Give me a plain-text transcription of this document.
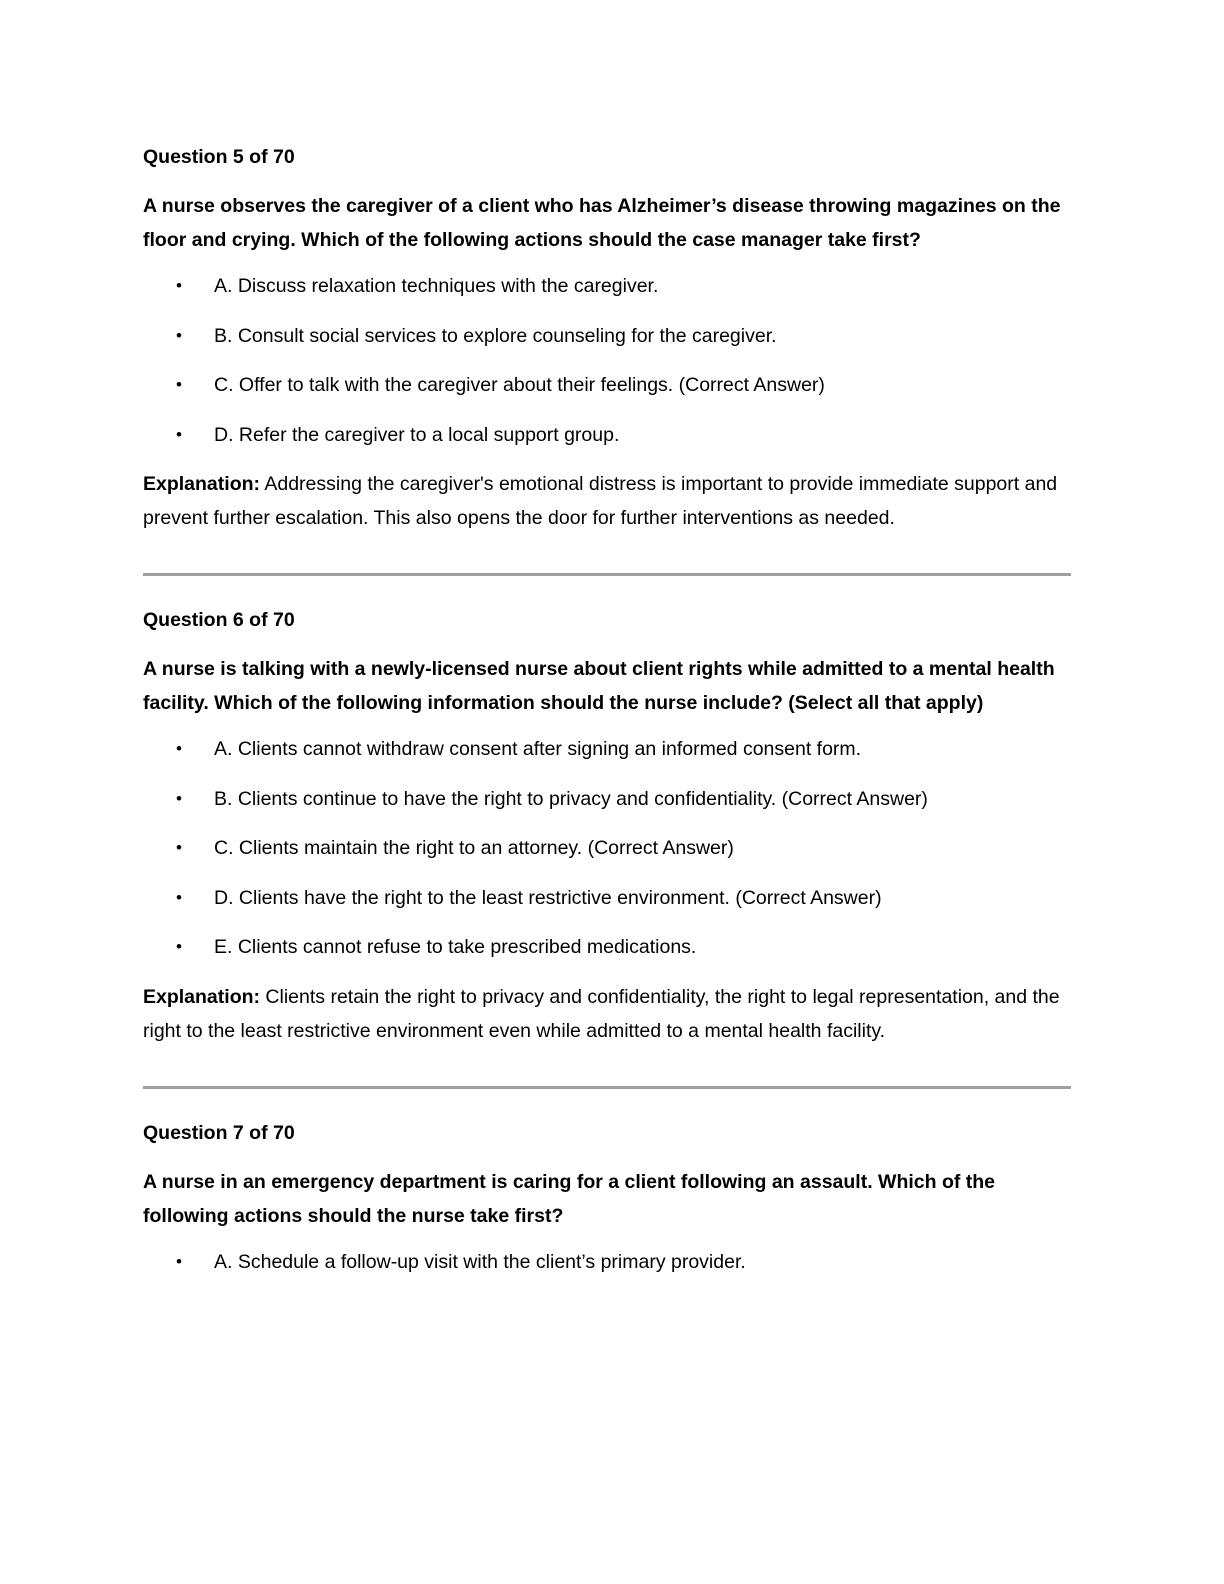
Question 5 of 70

A nurse observes the caregiver of a client who has Alzheimer’s disease throwing magazines on the floor and crying. Which of the following actions should the case manager take first?

• A. Discuss relaxation techniques with the caregiver.
• B. Consult social services to explore counseling for the caregiver.
• C. Offer to talk with the caregiver about their feelings. (Correct Answer)
• D. Refer the caregiver to a local support group.

Explanation: Addressing the caregiver's emotional distress is important to provide immediate support and prevent further escalation. This also opens the door for further interventions as needed.

Question 6 of 70

A nurse is talking with a newly-licensed nurse about client rights while admitted to a mental health facility. Which of the following information should the nurse include? (Select all that apply)

• A. Clients cannot withdraw consent after signing an informed consent form.
• B. Clients continue to have the right to privacy and confidentiality. (Correct Answer)
• C. Clients maintain the right to an attorney. (Correct Answer)
• D. Clients have the right to the least restrictive environment. (Correct Answer)
• E. Clients cannot refuse to take prescribed medications.

Explanation: Clients retain the right to privacy and confidentiality, the right to legal representation, and the right to the least restrictive environment even while admitted to a mental health facility.

Question 7 of 70

A nurse in an emergency department is caring for a client following an assault. Which of the following actions should the nurse take first?

• A. Schedule a follow-up visit with the client’s primary provider.
